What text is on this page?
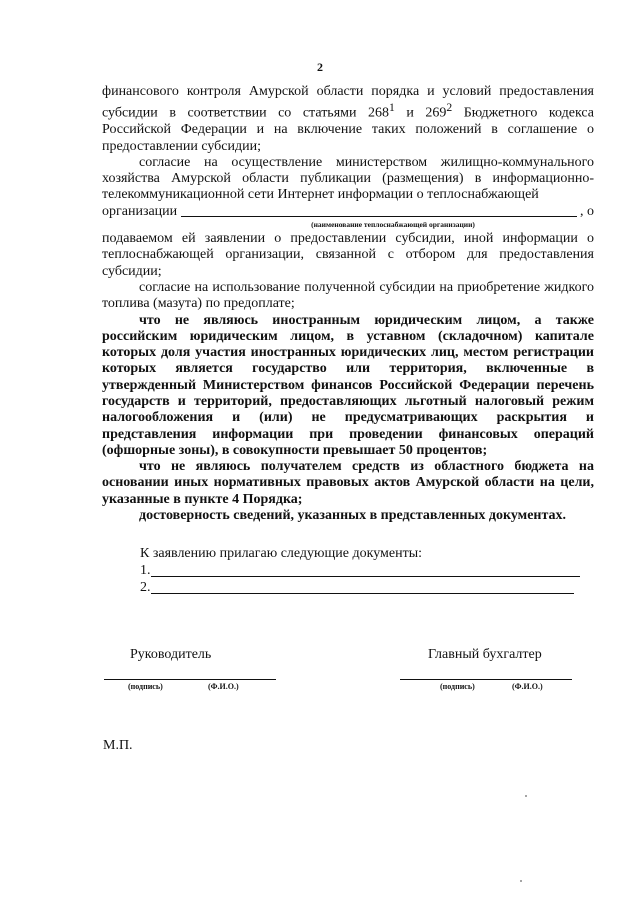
2

финансового контроля Амурской области порядка и условий предоставления субсидии в соответствии со статьями $268^1$ и $269^2$ Бюджетного кодекса Российской Федерации и на включение таких положений в соглашение о предоставлении субсидии;

согласие на осуществление министерством жилищно-коммунального хозяйства Амурской области публикации (размещения) в информационно-телекоммуникационной сети Интернет информации о теплоснабжающей

организации	, о
(наименование теплоснабжающей организации)

подаваемом ей заявлении о предоставлении субсидии, иной информации о теплоснабжающей организации, связанной с отбором для предоставления субсидии;

согласие на использование полученной субсидии на приобретение жидкого топлива (мазута) по предоплате;

что не являюсь иностранным юридическим лицом, а также российским юридическим лицом, в уставном (складочном) капитале которых доля участия иностранных юридических лиц, местом регистрации которых является государство или территория, включенные в утвержденный Министерством финансов Российской Федерации перечень государств и территорий, предоставляющих льготный налоговый режим налогообложения и (или) не предусматривающих раскрытия и представления информации при проведении финансовых операций (офшорные зоны), в совокупности превышает 50 процентов;

что не являюсь получателем средств из областного бюджета на основании иных нормативных правовых актов Амурской области на цели, указанные в пункте 4 Порядка;

достоверность сведений, указанных в представленных документах.

К заявлению прилагаю следующие документы:
1.
2.
Руководитель
(подпись)	(Ф.И.О.)
Главный бухгалтер
(подпись)	(Ф.И.О.)
М.П.
